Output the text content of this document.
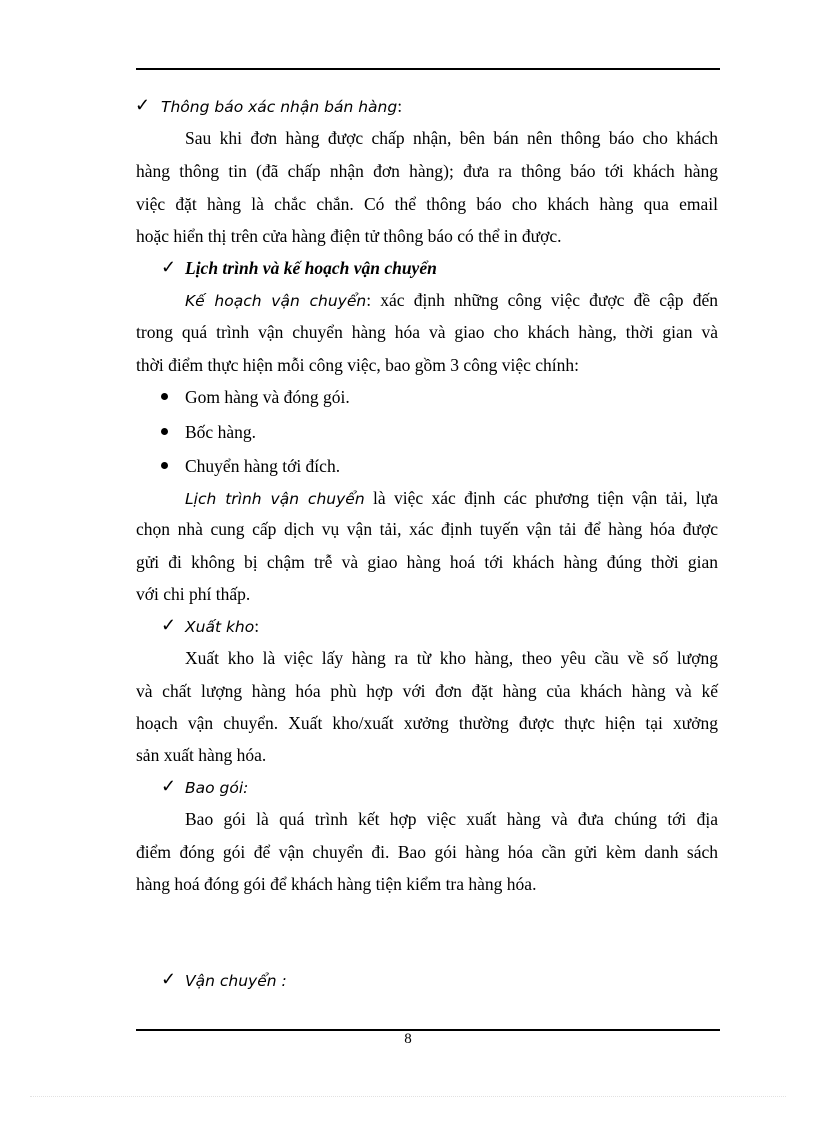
✓ Thông báo xác nhận bán hàng:
Sau khi đơn hàng được chấp nhận, bên bán nên thông báo cho khách
hàng thông tin (đã chấp nhận đơn hàng); đưa ra thông báo tới khách hàng
việc đặt hàng là chắc chắn. Có thể thông báo cho khách hàng qua email
hoặc hiển thị trên cửa hàng điện tử thông báo có thể in được.
✓ Lịch trình và kế hoạch vận chuyển
Kế hoạch vận chuyển: xác định những công việc được đề cập đến
trong quá trình vận chuyển hàng hóa và giao cho khách hàng, thời gian và
thời điểm thực hiện mỗi công việc, bao gồm 3 công việc chính:
Gom hàng và đóng gói.
Bốc hàng.
Chuyển hàng tới đích.
Lịch trình vận chuyển là việc xác định các phương tiện vận tải, lựa
chọn nhà cung cấp dịch vụ vận tải, xác định tuyến vận tải để hàng hóa được
gửi đi không bị chậm trễ và giao hàng hoá tới khách hàng đúng thời gian
với chi phí thấp.
✓ Xuất kho:
Xuất kho là việc lấy hàng ra từ kho hàng, theo yêu cầu về số lượng
và chất lượng hàng hóa phù hợp với đơn đặt hàng của khách hàng và kế
hoạch vận chuyển. Xuất kho/xuất xưởng thường được thực hiện tại xưởng
sản xuất hàng hóa.
✓ Bao gói:
Bao gói là quá trình kết hợp việc xuất hàng và đưa chúng tới địa
điểm đóng gói để vận chuyển đi. Bao gói hàng hóa cần gửi kèm danh sách
hàng hoá đóng gói để khách hàng tiện kiểm tra hàng hóa.
✓ Vận chuyển :
8
